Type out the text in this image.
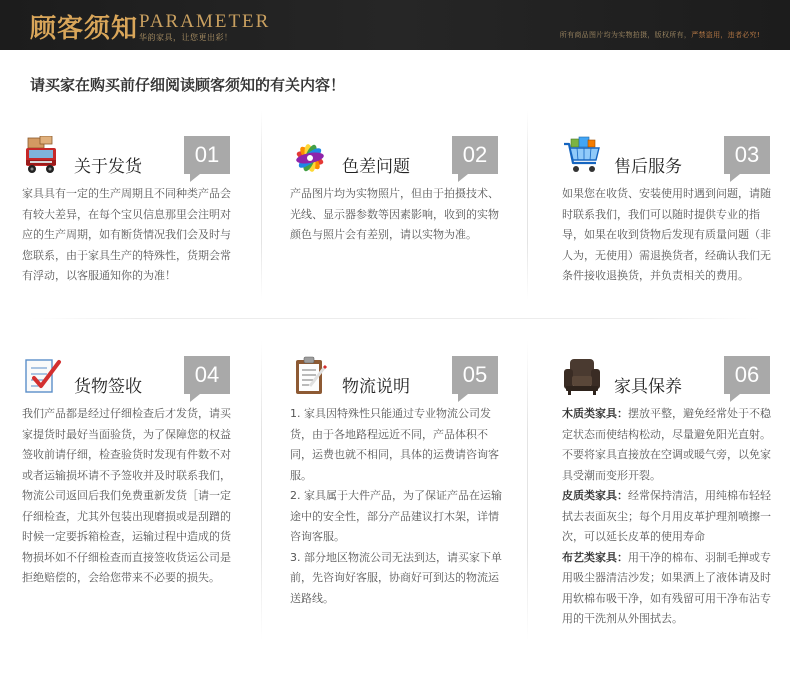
顾客须知 PARAMETER
华韵家具，让您更出彩！	所有商品图片均为实物拍摄，版权所有，严禁盗用，违者必究!
请买家在购买前仔细阅读顾客须知的有关内容！
关于发货	01

家具具有一定的生产周期且不同种类产品会有较大差异，在每个宝贝信息那里会注明对应的生产周期，如有断货情况我们会及时与您联系，由于家具生产的特殊性，货期会常有浮动，以客服通知你的为准！

色差问题	02

产品图片均为实物照片，但由于拍摄技术、光线、显示器参数等因素影响，收到的实物颜色与照片会有差别，请以实物为准。

售后服务	03

如果您在收货、安装使用时遇到问题，请随时联系我们，我们可以随时提供专业的指导，如果在收到货物后发现有质量问题（非人为，无使用）需退换货者，经确认我们无条件接收退换货，并负责相关的费用。

货物签收	04

我们产品都是经过仔细检查后才发货，请买家提货时最好当面验货，为了保障您的权益签收前请仔细，检查验货时发现有件数不对或者运输损坏请不予签收并及时联系我们，物流公司返回后我们免费重新发货［请一定仔细检查，尤其外包装出现磨损或是刮蹭的时候一定要拆箱检查，运输过程中造成的货物损坏如不仔细检查而直接签收货运公司是拒绝赔偿的，会给您带来不必要的损失。

物流说明	05

1. 家具因特殊性只能通过专业物流公司发货，由于各地路程远近不同，产品体积不同，运费也就不相同，具体的运费请咨询客服。

2. 家具属于大件产品，为了保证产品在运输途中的安全性，部分产品建议打木架，详情咨询客服。

3. 部分地区物流公司无法到达，请买家下单前，先咨询好客服，协商好可到达的物流运送路线。

家具保养	06

木质类家具：摆放平整，避免经常处于不稳定状态而使结构松动，尽量避免阳光直射。不要将家具直接放在空调或暖气旁，以免家具受潮而变形开裂。

皮质类家具：经常保持清洁，用纯棉布轻轻拭去表面灰尘；每个月用皮革护理剂喷擦一次，可以延长皮革的使用寿命

布艺类家具：用干净的棉布、羽制毛掸或专用吸尘器清洁沙发；如果洒上了液体请及时用软棉布吸干净，如有残留可用干净布沾专用的干洗剂从外围拭去。
